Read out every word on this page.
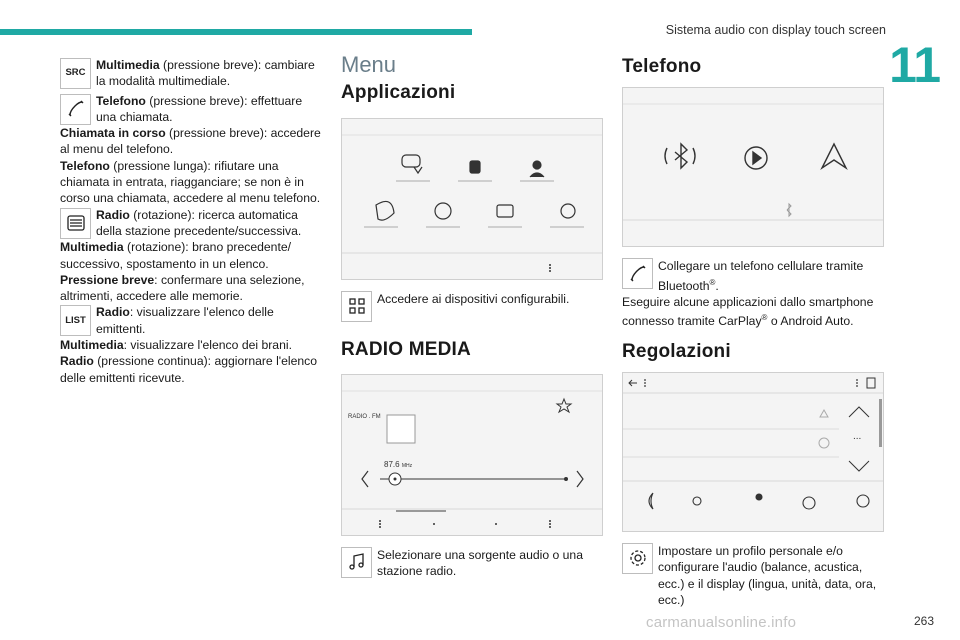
Sistema audio con display touch screen
11
SRC
Multimedia (pressione breve): cambiare la modalità multimediale.
Telefono (pressione breve): effettuare una chiamata.

Chiamata in corso (pressione breve): accedere al menu del telefono.

Telefono (pressione lunga): rifiutare una chiamata in entrata, riagganciare; se non è in corso una chiamata, accedere al menu telefono.

Radio (rotazione): ricerca automatica della stazione precedente/successiva.

Multimedia (rotazione): brano precedente/ successivo, spostamento in un elenco.

Pressione breve: confermare una selezione, altrimenti, accedere alle memorie.

LIST
Radio: visualizzare l'elenco delle emittenti.

Multimedia: visualizzare l'elenco dei brani.

Radio (pressione continua): aggiornare l'elenco delle emittenti ricevute.

Menu
Applicazioni
Accedere ai dispositivi configurabili.
RADIO MEDIA
RADIO . FM
87.6 MHz
Selezionare una sorgente audio o una stazione radio.
Telefono
Collegare un telefono cellulare tramite Bluetooth®.

Eseguire alcune applicazioni dallo smartphone connesso tramite CarPlay® o Android Auto.

Regolazioni
...
Impostare un profilo personale e/o configurare l'audio (balance, acustica, ecc.) e il display (lingua, unità, data, ora, ecc.)
carmanualsonline.info	263
